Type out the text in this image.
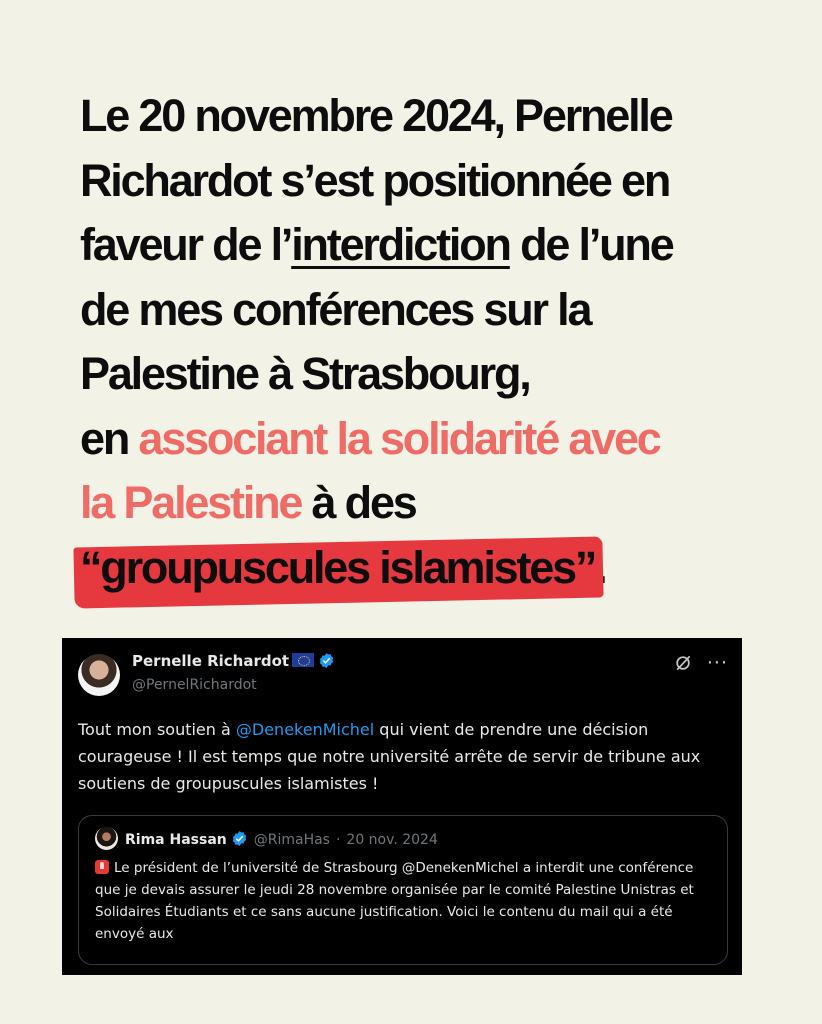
Le 20 novembre 2024, Pernelle
Richardot s’est positionnée en
faveur de l’interdiction de l’une
de mes conférences sur la
Palestine à Strasbourg,
en associant la solidarité avec
la Palestine à des
“groupuscules islamistes”.
Pernelle Richardot
@PernelRichardot
···
Tout mon soutien à @DenekenMichel qui vient de prendre une décision courageuse ! Il est temps que notre université arrête de servir de tribune aux soutiens de groupuscules islamistes !
Rima Hassan @RimaHas · 20 nov. 2024
Le président de l’université de Strasbourg @DenekenMichel a interdit une conférence que je devais assurer le jeudi 28 novembre organisée par le comité Palestine Unistras et Solidaires Étudiants et ce sans aucune justification. Voici le contenu du mail qui a été envoyé aux
